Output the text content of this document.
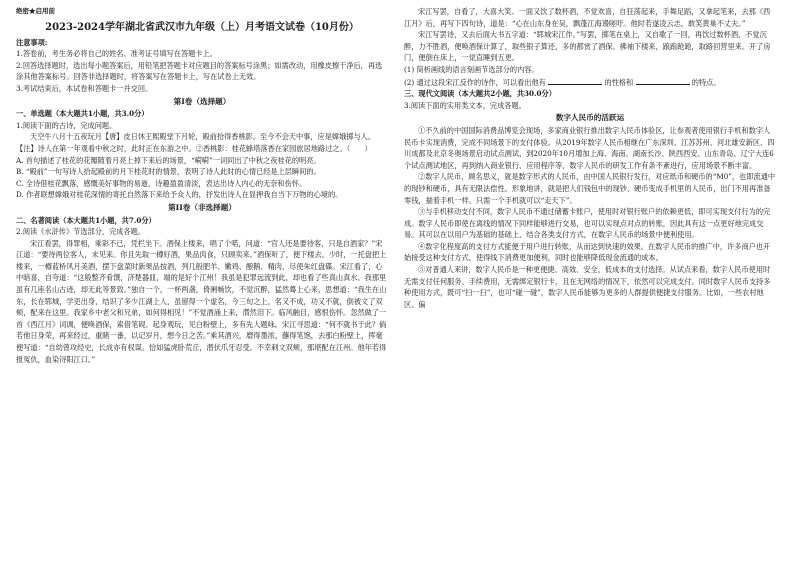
绝密★启用前

2023-2024学年湖北省武汉市九年级（上）月考语文试卷（10月份）

注意事项:

1.答卷前，考生务必将自己的姓名、准考证号填写在答题卡上。

2.回答选择题时，选出每小题答案后，用铅笔把答题卡对应题目的答案标号涂黑；如需改动，用橡皮擦干净后，再选涂其他答案标号。回答非选择题时，将答案写在答题卡上，写在试卷上无效。

3.考试结束后，本试卷和答题卡一并交回。

第I卷（选择题）

一、单选题（本大题共1小题，共3.0分）

1.阅读下面的古诗，完成问题。

天空牛八月十五夜玩月【唐】皮日休王熙殿堂下月轮，殿前拾得香桃影。至今不会天中事，应是嫦娥掷与人。【注】诗人在第一年观看中秋之时，此时正在东游之中。②香桃影：桂花蜂塔落香在家园旅居地路过之。（　　）

A. 首句描述了桂花的花瓣随着月亮上掉下来后的场景，“嗬嗬”一词同出了中秋之夜桂花的明亮。

B. “殿前”一句写诗人拾起殿前的月下桂花时的情景，表明了诗人此时的心情已经是上层瞬间的。

C. 全诗借桂花飘落，感慨美好事物的易逝，诗趣盈盈清淡，表达出诗人内心的无奈和伤怀。

D. 作者联想嫦娥对桂花深情的寄托自然落下来给予众人的，抒发出诗人在显押我自当下万物的心境的。

第II卷（非选择题）

二、名著阅读（本大题共1小题，共7.0分）

2.阅读《水浒传》节选部分，完成各题。

宋江看罢，得罪相，乘彩不已，凭栏坐下。酒保上楼来，唱了个喏，问道：“官人还是要待客，只是自酒家？”宋江道：“要待两位客人，未见来。你且先取一樽好酒，果品肉食，只顾卖来。”酒保听了，便下楼去。少时，一托盘把上楼来，一樽蓝桥风月美酒，摆下盘菜时新果品按酒，列几般肥羊、嫩鸡、酿鹅、精肉，尽使朱红盘碟。宋江看了，心中暗喜，自夸道：“这般整齐肴馔，济楚器皿，端的是好个江州！我虽是犯罪远流到此，却也看了些真山真水。我那里虽有几座名山古迹，却无此等景致。”独自一个，一杯两盏，倚阑畅饮，不觉沉醉，猛然蓦上心来，思想道：“我生在山东，长在郓城，学吏出身，结识了多少江湖上人，虽留得一个虚名，今三旬之上，名又不成，功又不就，倒被文了双颊，配来在这里。我家乡中老父和兄弟，如何得相见！”不觉酒涌上来，潸然泪下。临风触目，感恨伤怀。忽然做了一首《西江月》词调，便唤酒保，索借笔砚。起身观玩，见白粉壁上，多有先人题咏。宋江寻思道：“何不就书于此？倘若他日身荣，再来经过，重睹一番，以记岁月，想今日之苦。”乘其酒兴，磨得墨浓，蘸得笔饱，去那白粉壁上，挥毫便写道：“自幼曾攻经史，长成亦有权谋。恰如猛虎卧荒丘，潜伏爪牙忍受。不幸刺文双颊，那堪配在江州。他年若得报冤仇，血染浔阳江口。”

宋江写罢，自看了，大喜大笑。一面又饮了数杯酒，不觉欢喜，自狂荡起来，手舞足蹈，又拿起笔来，去那《西江月》后，再写下四句诗，道是：“心在山东身在吴，飘蓬江海谩嗟吁。他时若遂凌云志，敢笑黄巢不丈夫。”

宋江写罢诗，又去后面大书五字道：“郓城宋江作。”写罢，掷笔在桌上，又自歌了一回，再饮过数杯酒，不觉沉醉，力不胜酒，便唤酒保计算了，取些银子算还，多的都赏了酒保。拂袖下楼来，踉踉跄跄，取路回营里来。开了房门，便倒在床上，一觉直睡到五更。

(1) 简析画线的语言刻画节选部分的内容。

(2) 通过这段宋江反作的诗作，可以看出他有	的性格和	的特点。

三、现代文阅读（本大题共2小题，共30.0分）

3.阅读下面的实用类文本，完成各题。

数字人民币的活跃运

①不久前的中国国际消费品博览会现场，多家商业银行推出数字人民币体验区，让参观者使用银行手机和数字人民币卡实现消费，完成不同场景下的支付体验。从2019年数字人民币相继在广东深圳、江苏苏州、河北雄安新区、四川成都及北京冬奥场景启动试点测试，到2020年10月增加上海、海南、湖南长沙、陕西西安、山东青岛、辽宁大连6个试点测试地区，再到纳入商业银行、应用程序等，数字人民币的研发工作有条不紊进行，应用场景不断丰富。

②数字人民币，顾名思义，就是数字形式的人民币，由中国人民银行发行，对应纸币和硬币的“M0”，也即流通中的现钞和硬币，具有无限法偿性。形象地讲，就是把人们钱包中的现钞、硬币变成手机里的人民币，出门不用再准备零钱，揣着手机一样。只需一个手机就可以“走天下”。

③与手机移动支付不同，数字人民币不通过储蓄卡账户，使用时对银行账户的依赖更低，即可实现支付行为的完成。数字人民币即使在离线的情况下同样能够进行交易，也可以实现点对点的转账，因此具有这一点更好地完成交易。其可以在以用户为基础的基础上，结合各类支付方式，在数字人民币的场景中便利使用。

④数字化程度高的支付方式能便于用户进行转账，从而达到快速的效果。在数字人民币的推广中，许多商户也开始接受这种支付方式，使得线下消费更加便利，同时也能够降低现金流通的成本。

⑤对普通人来讲，数字人民币是一种更便捷、高效、安全，低成本的支付选择。从试点来看，数字人民币使用时无需支付任何服务、手续费用，无需绑定银行卡，且在无网络的情况下，依然可以完成支付。同时数字人民币支持多种使用方式，既可“扫一扫”，也可“碰一碰”，数字人民币能够为更多的人群提供便捷支付服务。比如，一些农村地区、偏
